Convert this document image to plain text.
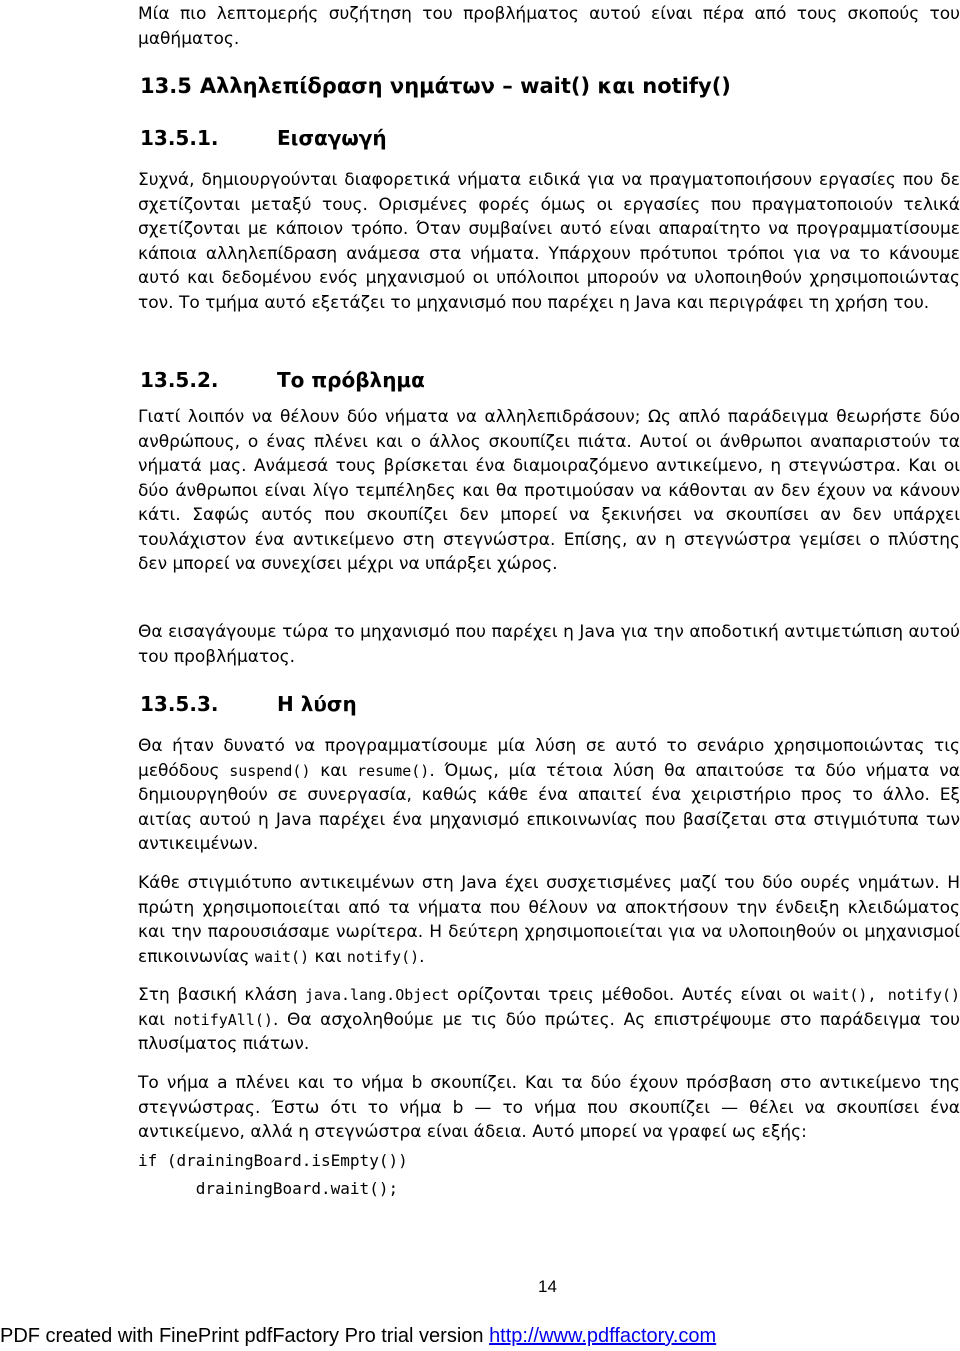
Μία πιο λεπτομερής συζήτηση του προβλήματος αυτού είναι πέρα από τους σκοπούς του μαθήματος.

13.5 Αλληλεπίδραση νημάτων – wait() και notify()
13.5.1.	Εισαγωγή

Συχνά, δημιουργούνται διαφορετικά νήματα ειδικά για να πραγματοποιήσουν εργασίες που δε σχετίζονται μεταξύ τους. Ορισμένες φορές όμως οι εργασίες που πραγματοποιούν τελικά σχετίζονται με κάποιον τρόπο. Όταν συμβαίνει αυτό είναι απαραίτητο να προγραμματίσουμε κάποια αλληλεπίδραση ανάμεσα στα νήματα. Υπάρχουν πρότυποι τρόποι για να το κάνουμε αυτό και δεδομένου ενός μηχανισμού οι υπόλοιποι μπορούν να υλοποιηθούν χρησιμοποιώντας τον. Το τμήμα αυτό εξετάζει το μηχανισμό που παρέχει η Java και περιγράφει τη χρήση του.

13.5.2.	Το πρόβλημα

Γιατί λοιπόν να θέλουν δύο νήματα να αλληλεπιδράσουν; Ως απλό παράδειγμα θεωρήστε δύο ανθρώπους, ο ένας πλένει και ο άλλος σκουπίζει πιάτα. Αυτοί οι άνθρωποι αναπαριστούν τα νήματά μας. Ανάμεσά τους βρίσκεται ένα διαμοιραζόμενο αντικείμενο, η στεγνώστρα. Και οι δύο άνθρωποι είναι λίγο τεμπέληδες και θα προτιμούσαν να κάθονται αν δεν έχουν να κάνουν κάτι. Σαφώς αυτός που σκουπίζει δεν μπορεί να ξεκινήσει να σκουπίσει αν δεν υπάρχει τουλάχιστον ένα αντικείμενο στη στεγνώστρα. Επίσης, αν η στεγνώστρα γεμίσει ο πλύστης δεν μπορεί να συνεχίσει μέχρι να υπάρξει χώρος.

Θα εισαγάγουμε τώρα το μηχανισμό που παρέχει η Java για την αποδοτική αντιμετώπιση αυτού του προβλήματος.

13.5.3.	Η λύση

Θα ήταν δυνατό να προγραμματίσουμε μία λύση σε αυτό το σενάριο χρησιμοποιώντας τις μεθόδους suspend() και resume(). Όμως, μία τέτοια λύση θα απαιτούσε τα δύο νήματα να δημιουργηθούν σε συνεργασία, καθώς κάθε ένα απαιτεί ένα χειριστήριο προς το άλλο. Εξ αιτίας αυτού η Java παρέχει ένα μηχανισμό επικοινωνίας που βασίζεται στα στιγμιότυπα των αντικειμένων.

Κάθε στιγμιότυπο αντικειμένων στη Java έχει συσχετισμένες μαζί του δύο ουρές νημάτων. Η πρώτη χρησιμοποιείται από τα νήματα που θέλουν να αποκτήσουν την ένδειξη κλειδώματος και την παρουσιάσαμε νωρίτερα. Η δεύτερη χρησιμοποιείται για να υλοποιηθούν οι μηχανισμοί επικοινωνίας wait() και notify().

Στη βασική κλάση java.lang.Object ορίζονται τρεις μέθοδοι. Αυτές είναι οι wait(), notify() και notifyAll(). Θα ασχοληθούμε με τις δύο πρώτες. Ας επιστρέψουμε στο παράδειγμα του πλυσίματος πιάτων.

Το νήμα a πλένει και το νήμα b σκουπίζει. Και τα δύο έχουν πρόσβαση στο αντικείμενο της στεγνώστρας. Έστω ότι το νήμα b — το νήμα που σκουπίζει — θέλει να σκουπίσει ένα αντικείμενο, αλλά η στεγνώστρα είναι άδεια. Αυτό μπορεί να γραφεί ως εξής:

if (drainingBoard.isEmpty())
drainingBoard.wait();
14
PDF created with FinePrint pdfFactory Pro trial version http://www.pdffactory.com
